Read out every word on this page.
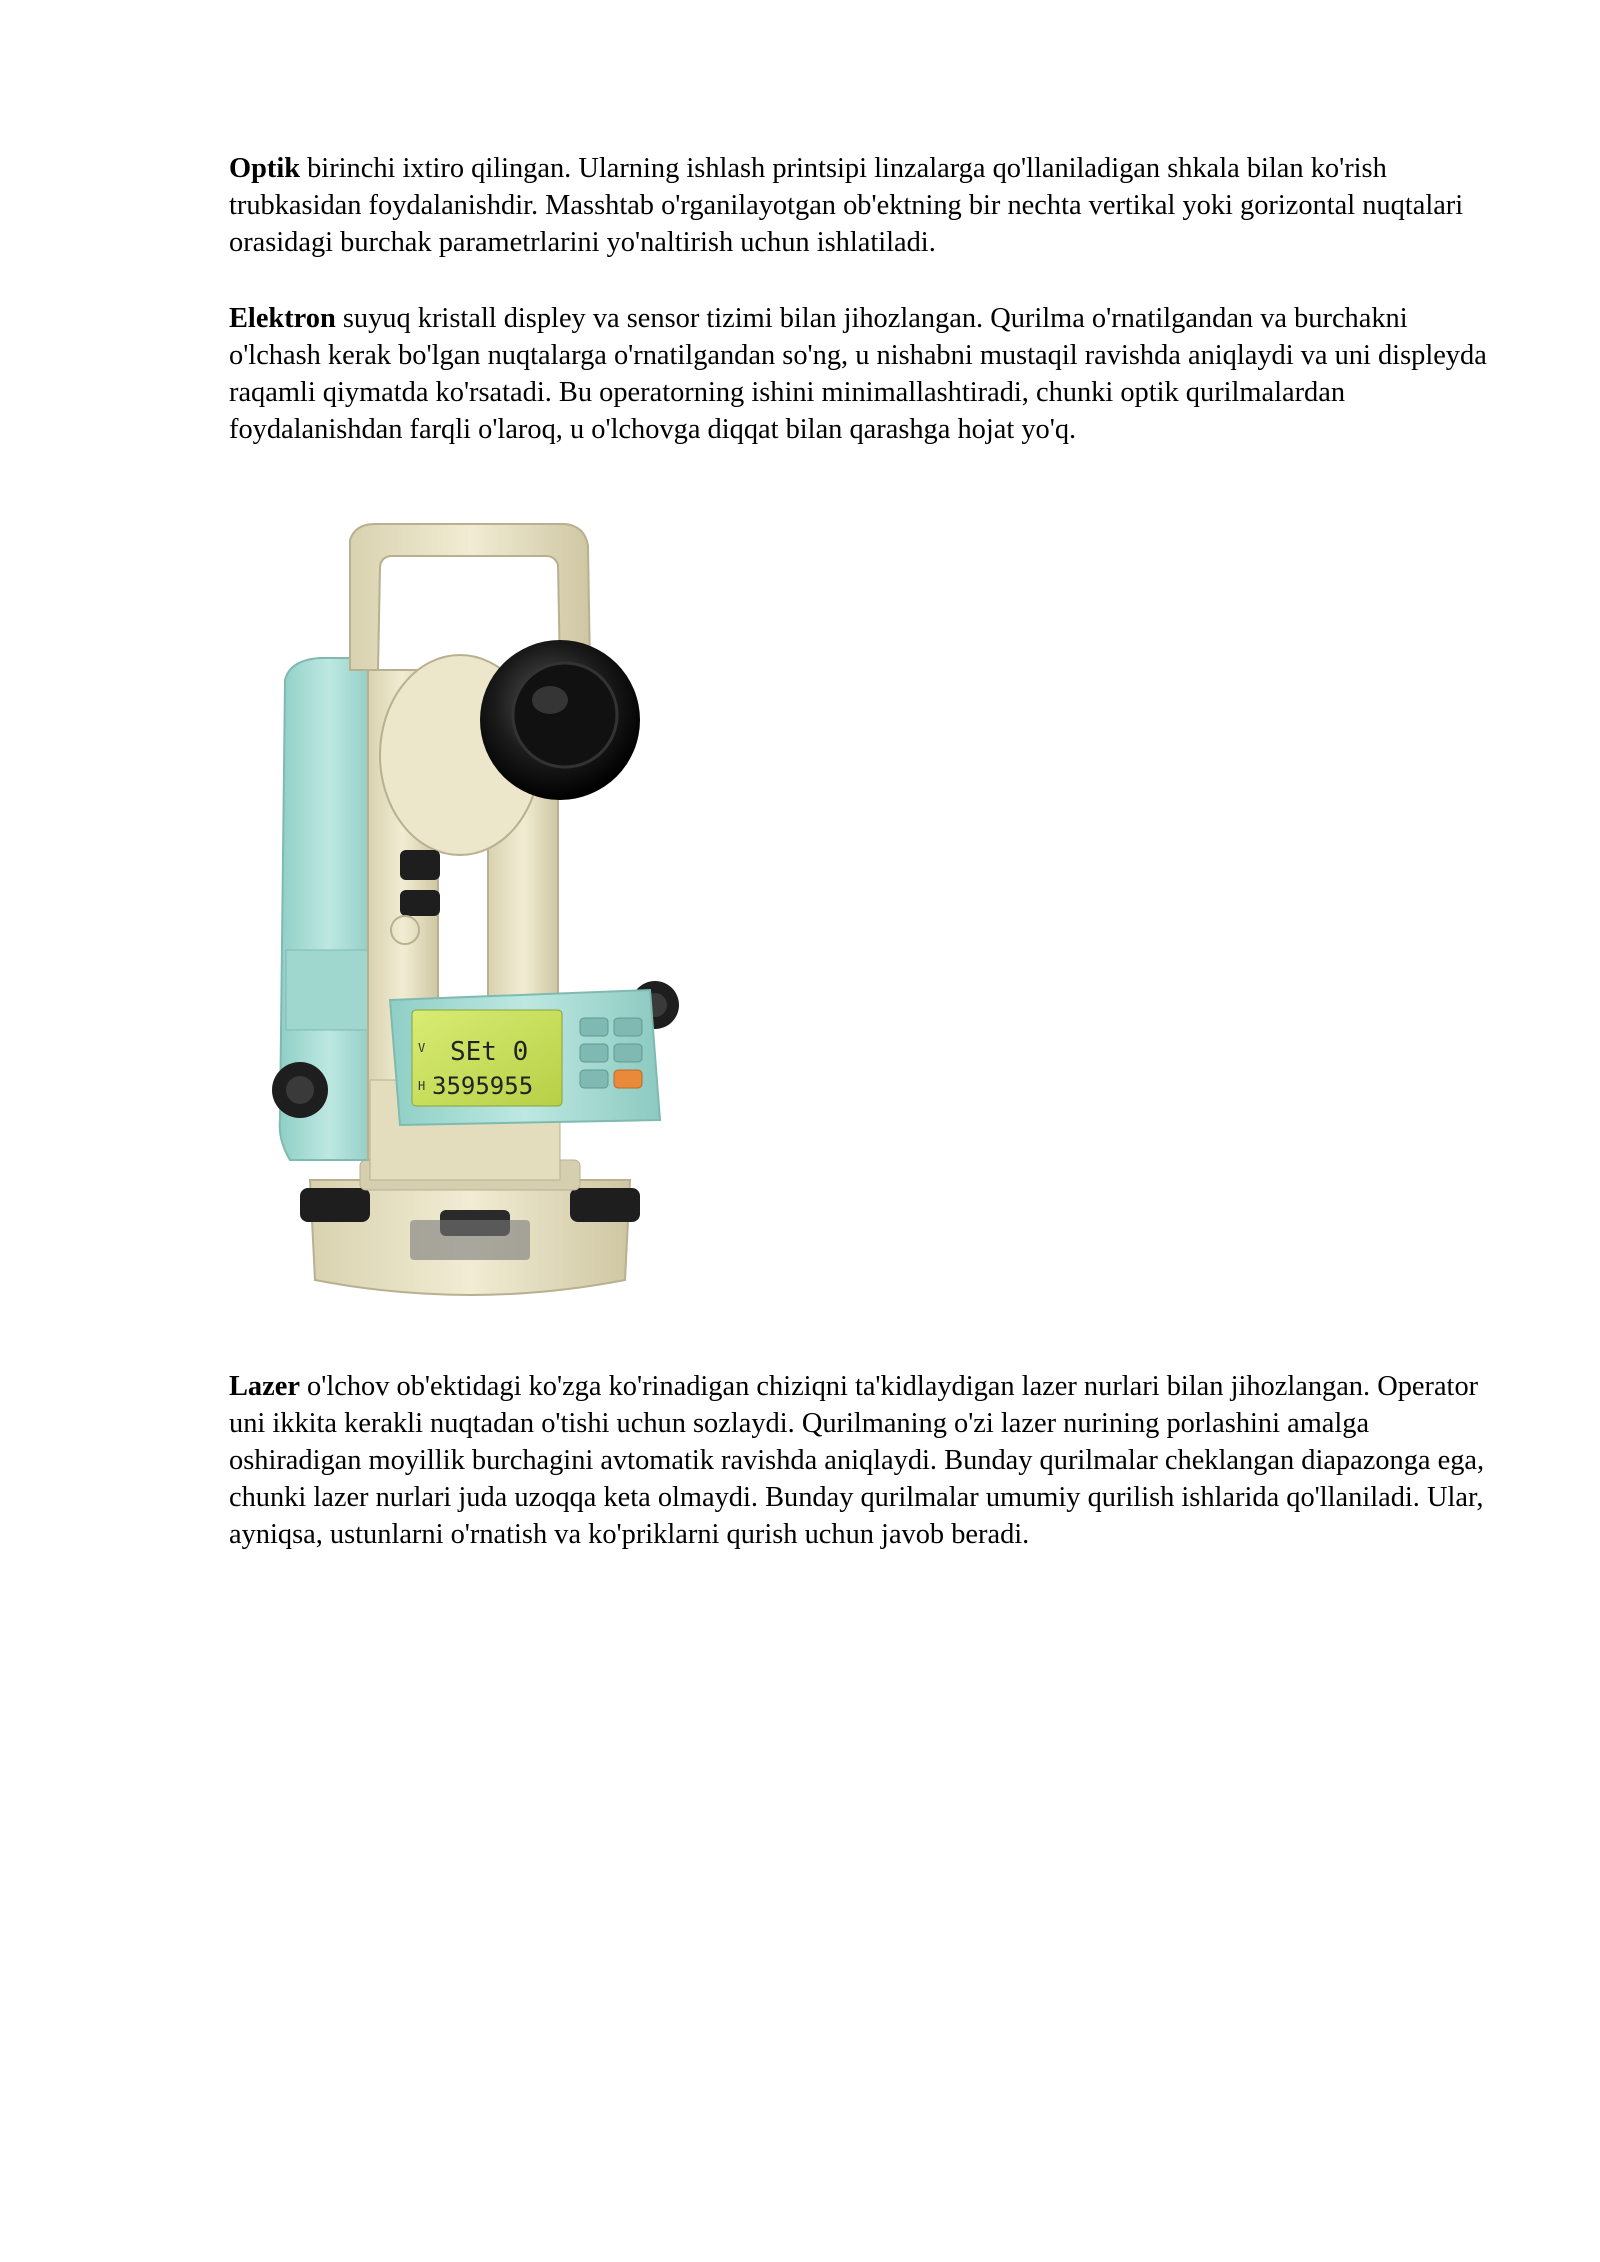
Optik birinchi ixtiro qilingan. Ularning ishlash printsipi linzalarga qo'llaniladigan shkala bilan ko'rish trubkasidan foydalanishdir. Masshtab o'rganilayotgan ob'ektning bir nechta vertikal yoki gorizontal nuqtalari orasidagi burchak parametrlarini yo'naltirish uchun ishlatiladi.

Elektron suyuq kristall displey va sensor tizimi bilan jihozlangan. Qurilma o'rnatilgandan va burchakni o'lchash kerak bo'lgan nuqtalarga o'rnatilgandan so'ng, u nishabni mustaqil ravishda aniqlaydi va uni displeyda raqamli qiymatda ko'rsatadi. Bu operatorning ishini minimallashtiradi, chunki optik qurilmalardan foydalanishdan farqli o'laroq, u o'lchovga diqqat bilan qarashga hojat yo'q.

V SEt 0
H 3595955

Lazer o'lchov ob'ektidagi ko'zga ko'rinadigan chiziqni ta'kidlaydigan lazer nurlari bilan jihozlangan. Operator uni ikkita kerakli nuqtadan o'tishi uchun sozlaydi. Qurilmaning o'zi lazer nurining porlashini amalga oshiradigan moyillik burchagini avtomatik ravishda aniqlaydi. Bunday qurilmalar cheklangan diapazonga ega, chunki lazer nurlari juda uzoqqa keta olmaydi. Bunday qurilmalar umumiy qurilish ishlarida qo'llaniladi. Ular, ayniqsa, ustunlarni o'rnatish va ko'priklarni qurish uchun javob beradi.
